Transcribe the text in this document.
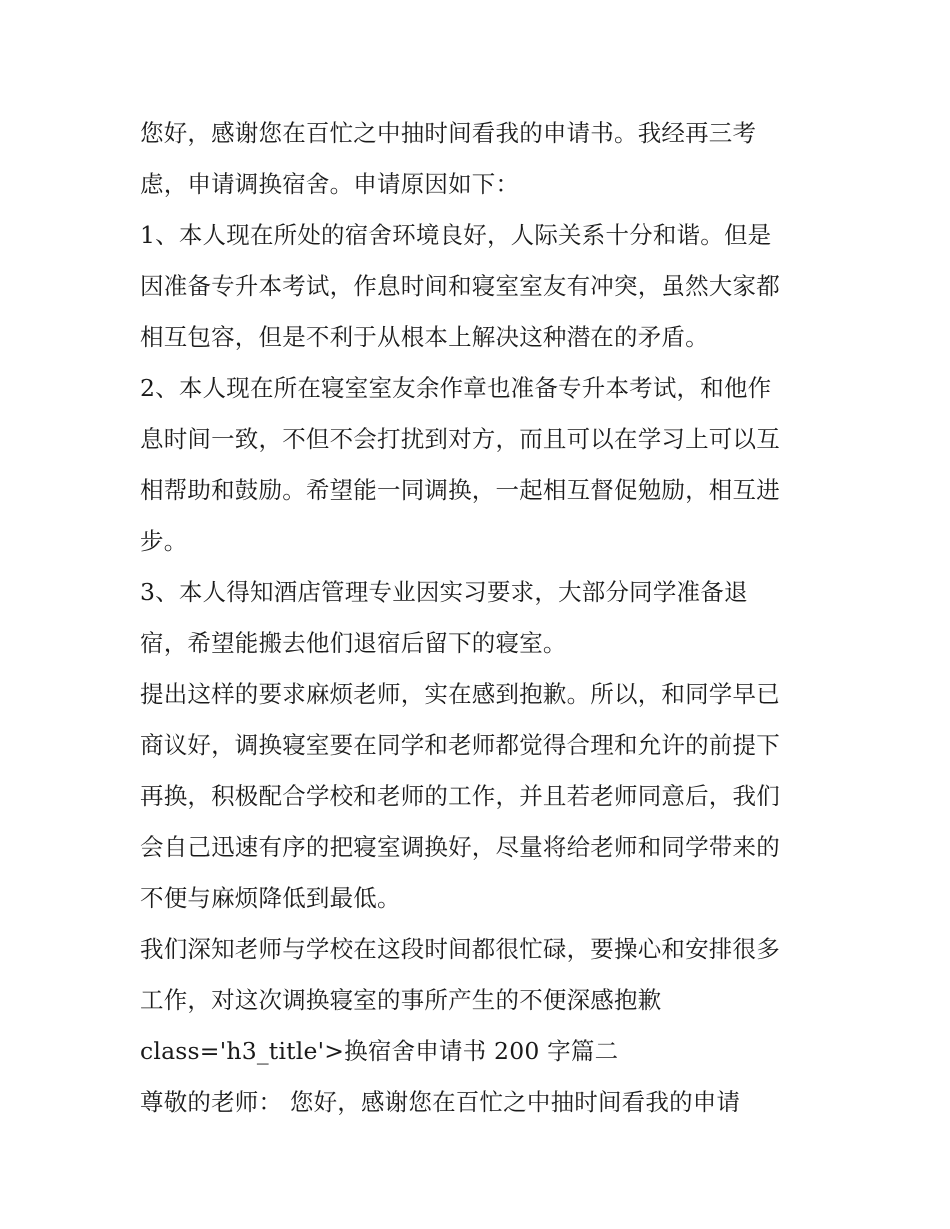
您好，感谢您在百忙之中抽时间看我的申请书。我经再三考
虑，申请调换宿舍。申请原因如下：
1、本人现在所处的宿舍环境良好，人际关系十分和谐。但是
因准备专升本考试，作息时间和寝室室友有冲突，虽然大家都
相互包容，但是不利于从根本上解决这种潜在的矛盾。
2、本人现在所在寝室室友余作章也准备专升本考试，和他作
息时间一致，不但不会打扰到对方，而且可以在学习上可以互
相帮助和鼓励。希望能一同调换，一起相互督促勉励，相互进
步。
3、本人得知酒店管理专业因实习要求，大部分同学准备退
宿，希望能搬去他们退宿后留下的寝室。
提出这样的要求麻烦老师，实在感到抱歉。所以，和同学早已
商议好，调换寝室要在同学和老师都觉得合理和允许的前提下
再换，积极配合学校和老师的工作，并且若老师同意后，我们
会自己迅速有序的把寝室调换好，尽量将给老师和同学带来的
不便与麻烦降低到最低。
我们深知老师与学校在这段时间都很忙碌，要操心和安排很多
工作，对这次调换寝室的事所产生的不便深感抱歉
class='h3_title'>换宿舍申请书 200 字篇二
尊敬的老师： 您好，感谢您在百忙之中抽时间看我的申请
